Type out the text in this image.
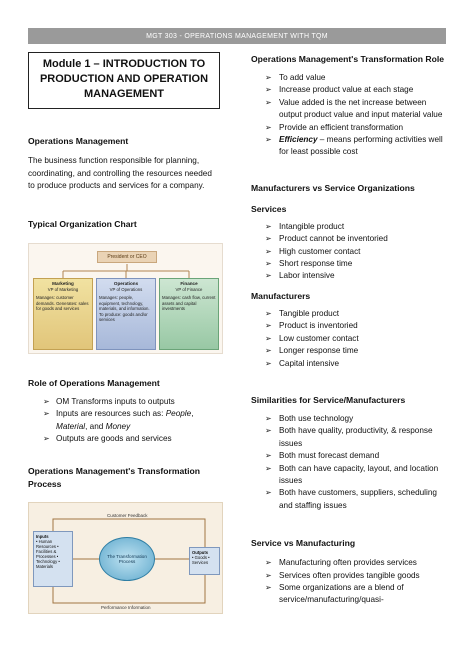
MGT 303 - OPERATIONS MANAGEMENT WITH TQM
Module 1 – INTRODUCTION TO
PRODUCTION AND OPERATION
MANAGEMENT
Operations Management
The business function responsible for planning, coordinating, and controlling the resources needed to produce products and services for a company.
Typical Organization Chart
President or CEO
Marketing
VP of Marketing
Manages: customer demands. Generates: sales for goods and services
Operations
VP of Operations
Manages: people, equipment, technology, materials, and information. To produce: goods and/or services
Finance
VP of Finance
Manages: cash flow, current assets and capital investments
Role of Operations Management
➢ OM Transforms inputs to outputs
➢ Inputs are resources such as: People,
Material, and Money
➢ Outputs are goods and services
Operations Management's Transformation
Process
Customer Feedback
Inputs
• Human Resources • Facilities & Processes • Technology • Materials
The Transformation Process
Outputs
• Goods • Services
Performance Information
Operations Management's Transformation Role
➢ To add value
➢ Increase product value at each stage
➢ Value added is the net increase between output product value and input material value
➢ Provide an efficient transformation
➢ Efficiency – means performing activities well for least possible cost
Manufacturers vs Service Organizations
Services
➢ Intangible product
➢ Product cannot be inventoried
➢ High customer contact
➢ Short response time
➢ Labor intensive
Manufacturers
➢ Tangible product
➢ Product is inventoried
➢ Low customer contact
➢ Longer response time
➢ Capital intensive
Similarities for Service/Manufacturers
➢ Both use technology
➢ Both have quality, productivity, & response issues
➢ Both must forecast demand
➢ Both can have capacity, layout, and location issues
➢ Both have customers, suppliers, scheduling and staffing issues
Service vs Manufacturing
➢ Manufacturing often provides services
➢ Services often provides tangible goods
➢ Some organizations are a blend of service/manufacturing/quasi-
